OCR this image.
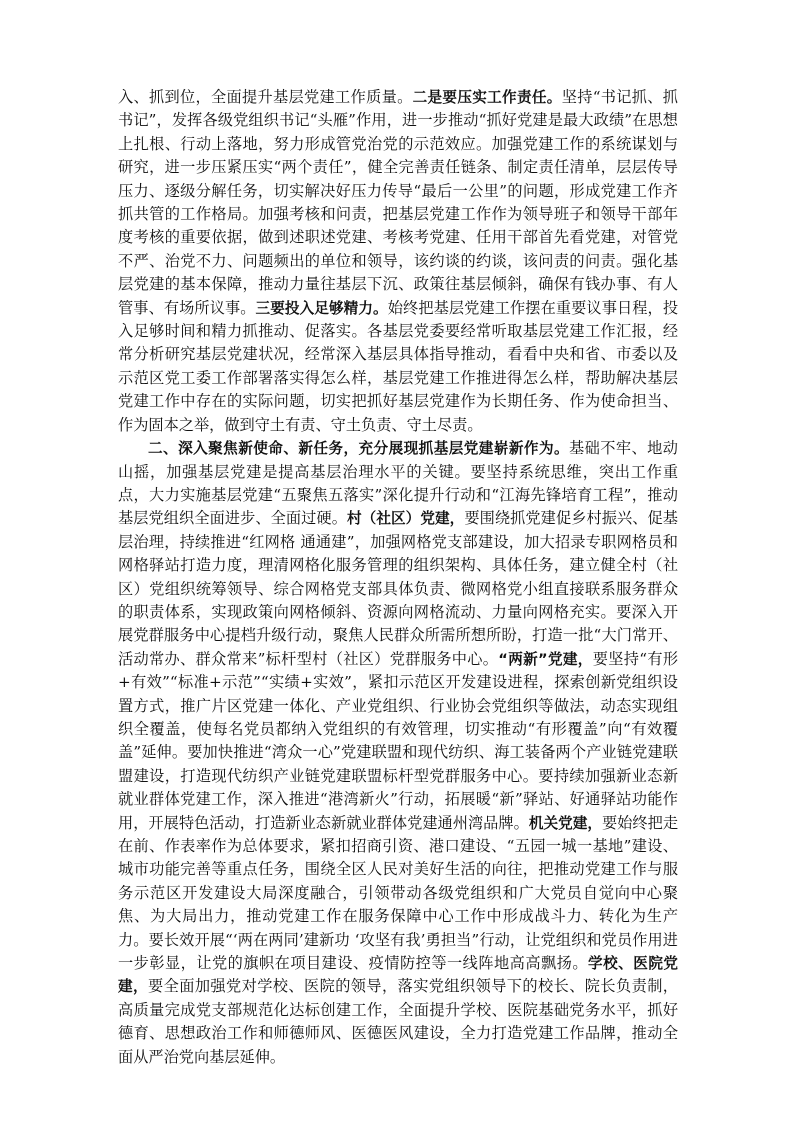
入、抓到位，全面提升基层党建工作质量。二是要压实工作责任。坚持“书记抓、抓书记”，发挥各级党组织书记“头雁”作用，进一步推动“抓好党建是最大政绩”在思想上扎根、行动上落地，努力形成管党治党的示范效应。加强党建工作的系统谋划与研究，进一步压紧压实“两个责任”，健全完善责任链条、制定责任清单，层层传导压力、逐级分解任务，切实解决好压力传导“最后一公里”的问题，形成党建工作齐抓共管的工作格局。加强考核和问责，把基层党建工作作为领导班子和领导干部年度考核的重要依据，做到述职述党建、考核考党建、任用干部首先看党建，对管党不严、治党不力、问题频出的单位和领导，该约谈的约谈，该问责的问责。强化基层党建的基本保障，推动力量往基层下沉、政策往基层倾斜，确保有钱办事、有人管事、有场所议事。三要投入足够精力。始终把基层党建工作摆在重要议事日程，投入足够时间和精力抓推动、促落实。各基层党委要经常听取基层党建工作汇报，经常分析研究基层党建状况，经常深入基层具体指导推动，看看中央和省、市委以及示范区党工委工作部署落实得怎么样，基层党建工作推进得怎么样，帮助解决基层党建工作中存在的实际问题，切实把抓好基层党建作为长期任务、作为使命担当、作为固本之举，做到守土有责、守土负责、守土尽责。

二、深入聚焦新使命、新任务，充分展现抓基层党建崭新作为。基础不牢、地动山摇，加强基层党建是提高基层治理水平的关键。要坚持系统思维，突出工作重点，大力实施基层党建“五聚焦五落实”深化提升行动和“江海先锋培育工程”，推动基层党组织全面进步、全面过硬。村（社区）党建，要围绕抓党建促乡村振兴、促基层治理，持续推进“红网格 通通建”，加强网格党支部建设，加大招录专职网格员和网格驿站打造力度，理清网格化服务管理的组织架构、具体任务，建立健全村（社区）党组织统筹领导、综合网格党支部具体负责、微网格党小组直接联系服务群众的职责体系，实现政策向网格倾斜、资源向网格流动、力量向网格充实。要深入开展党群服务中心提档升级行动，聚焦人民群众所需所想所盼，打造一批“大门常开、活动常办、群众常来”标杆型村（社区）党群服务中心。“两新”党建，要坚持“有形+有效”“标准+示范”“实绩+实效”，紧扣示范区开发建设进程，探索创新党组织设置方式，推广片区党建一体化、产业党组织、行业协会党组织等做法，动态实现组织全覆盖，使每名党员都纳入党组织的有效管理，切实推动“有形覆盖”向“有效覆盖”延伸。要加快推进“湾众一心”党建联盟和现代纺织、海工装备两个产业链党建联盟建设，打造现代纺织产业链党建联盟标杆型党群服务中心。要持续加强新业态新就业群体党建工作，深入推进“港湾新火”行动，拓展暖“新”驿站、好通驿站功能作用，开展特色活动，打造新业态新就业群体党建通州湾品牌。机关党建，要始终把走在前、作表率作为总体要求，紧扣招商引资、港口建设、“五园一城一基地”建设、城市功能完善等重点任务，围绕全区人民对美好生活的向往，把推动党建工作与服务示范区开发建设大局深度融合，引领带动各级党组织和广大党员自觉向中心聚焦、为大局出力，推动党建工作在服务保障中心工作中形成战斗力、转化为生产力。要长效开展“‘两在两同’建新功 ‘攻坚有我’勇担当”行动，让党组织和党员作用进一步彰显，让党的旗帜在项目建设、疫情防控等一线阵地高高飘扬。学校、医院党建，要全面加强党对学校、医院的领导，落实党组织领导下的校长、院长负责制，高质量完成党支部规范化达标创建工作，全面提升学校、医院基础党务水平，抓好德育、思想政治工作和师德师风、医德医风建设，全力打造党建工作品牌，推动全面从严治党向基层延伸。
